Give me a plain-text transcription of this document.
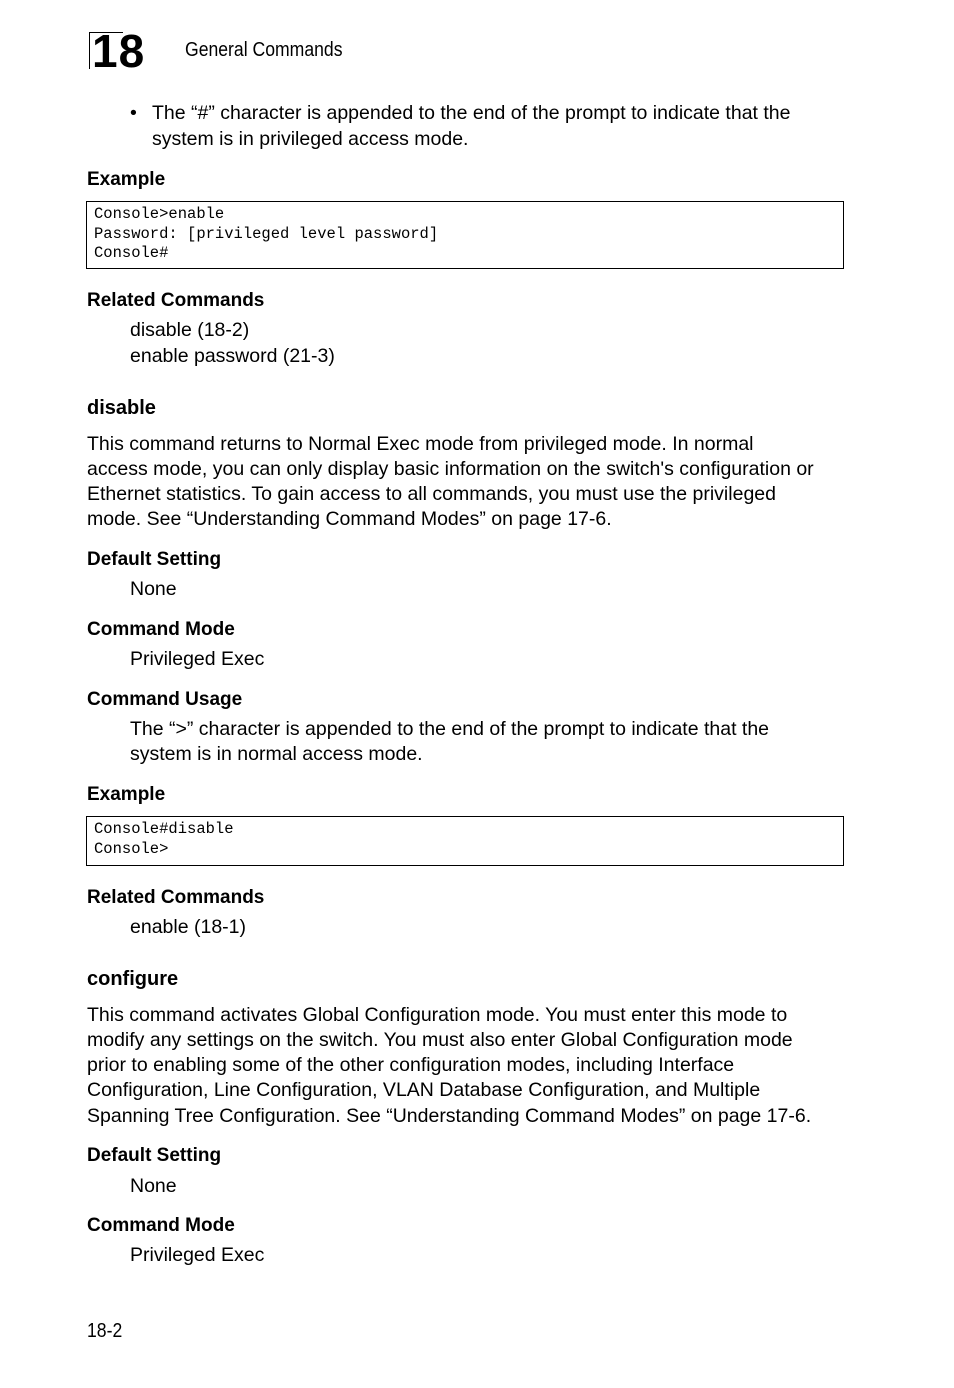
18 General Commands
• The “#” character is appended to the end of the prompt to indicate that the
system is in privileged access mode.
Example
Console>enable
Password: [privileged level password]
Console#
Related Commands
disable (18-2)
enable password (21-3)
disable
This command returns to Normal Exec mode from privileged mode. In normal
access mode, you can only display basic information on the switch's configuration or
Ethernet statistics. To gain access to all commands, you must use the privileged
mode. See “Understanding Command Modes” on page 17-6.
Default Setting
None
Command Mode
Privileged Exec
Command Usage
The “>” character is appended to the end of the prompt to indicate that the
system is in normal access mode.
Example
Console#disable
Console>
Related Commands
enable (18-1)
configure
This command activates Global Configuration mode. You must enter this mode to
modify any settings on the switch. You must also enter Global Configuration mode
prior to enabling some of the other configuration modes, including Interface
Configuration, Line Configuration, VLAN Database Configuration, and Multiple
Spanning Tree Configuration. See “Understanding Command Modes” on page 17-6.
Default Setting
None
Command Mode
Privileged Exec
18-2
